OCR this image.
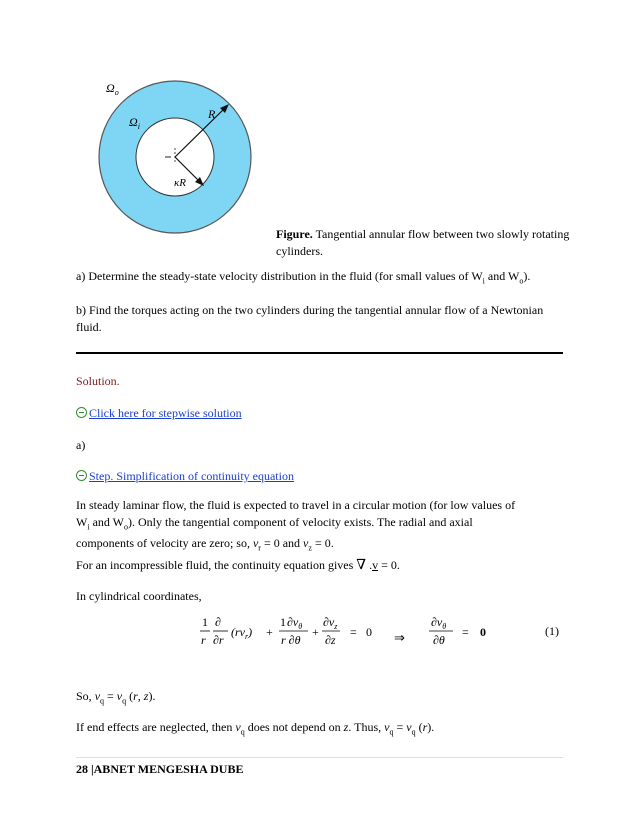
$\Omega_o$
$\Omega_i$
R
κR
Figure. Tangential annular flow between two slowly rotating cylinders.

a) Determine the steady-state velocity distribution in the fluid (for small values of $W_i$ and $W_o$).

b) Find the torques acting on the two cylinders during the tangential annular flow of a Newtonian fluid.

Solution.

Click here for stepwise solution

a)

Step. Simplification of continuity equation

In steady laminar flow, the fluid is expected to travel in a circular motion (for low values of $W_i$ and $W_o$). Only the tangential component of velocity exists. The radial and axial components of velocity are zero; so, $v_r = 0$ and $v_z = 0$.

For an incompressible fluid, the continuity equation gives ∇ .v = 0.

In cylindrical coordinates,

1
r
∂
∂r
$(rv_r)$ +
$1\partial v_\theta$
r ∂θ
+
$\partial v_z$
∂z
= 0 ⇒
$\partial v_\theta$
∂θ
= 0	(1)

So, $v_q = v_q$ (r, z).

If end effects are neglected, then $v_q$ does not depend on z. Thus, $v_q = v_q$ (r).

28 |ABNET MENGESHA DUBE
